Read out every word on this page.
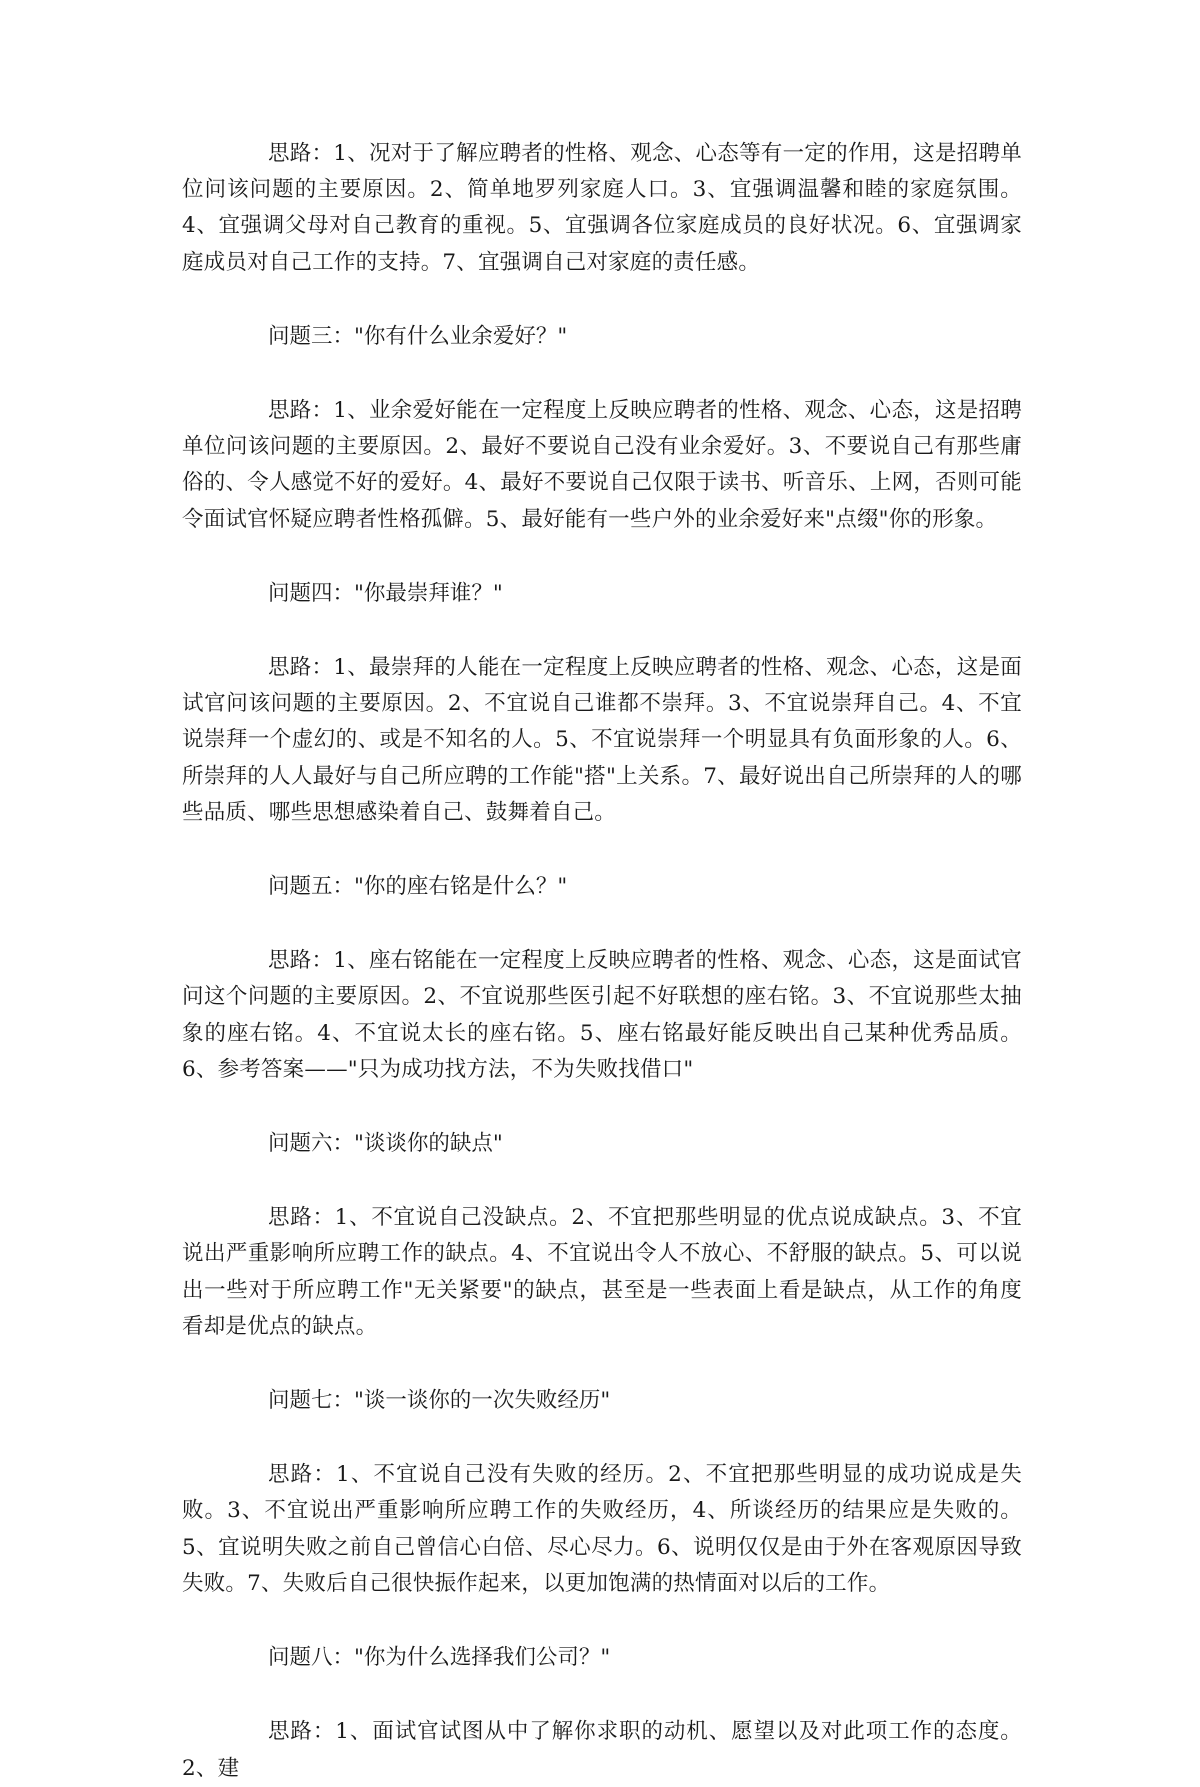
思路：1、况对于了解应聘者的性格、观念、心态等有一定的作用，这是招聘单位问该问题的主要原因。2、简单地罗列家庭人口。3、宜强调温馨和睦的家庭氛围。4、宜强调父母对自己教育的重视。5、宜强调各位家庭成员的良好状况。6、宜强调家庭成员对自己工作的支持。7、宜强调自己对家庭的责任感。

问题三："你有什么业余爱好？"

思路：1、业余爱好能在一定程度上反映应聘者的性格、观念、心态，这是招聘单位问该问题的主要原因。2、最好不要说自己没有业余爱好。3、不要说自己有那些庸俗的、令人感觉不好的爱好。4、最好不要说自己仅限于读书、听音乐、上网，否则可能令面试官怀疑应聘者性格孤僻。5、最好能有一些户外的业余爱好来"点缀"你的形象。

问题四："你最崇拜谁？"

思路：1、最崇拜的人能在一定程度上反映应聘者的性格、观念、心态，这是面试官问该问题的主要原因。2、不宜说自己谁都不崇拜。3、不宜说崇拜自己。4、不宜说崇拜一个虚幻的、或是不知名的人。5、不宜说崇拜一个明显具有负面形象的人。6、所崇拜的人人最好与自己所应聘的工作能"搭"上关系。7、最好说出自己所崇拜的人的哪些品质、哪些思想感染着自己、鼓舞着自己。

问题五："你的座右铭是什么？"

思路：1、座右铭能在一定程度上反映应聘者的性格、观念、心态，这是面试官问这个问题的主要原因。2、不宜说那些医引起不好联想的座右铭。3、不宜说那些太抽象的座右铭。4、不宜说太长的座右铭。5、座右铭最好能反映出自己某种优秀品质。6、参考答案——"只为成功找方法，不为失败找借口"

问题六："谈谈你的缺点"

思路：1、不宜说自己没缺点。2、不宜把那些明显的优点说成缺点。3、不宜说出严重影响所应聘工作的缺点。4、不宜说出令人不放心、不舒服的缺点。5、可以说出一些对于所应聘工作"无关紧要"的缺点，甚至是一些表面上看是缺点，从工作的角度看却是优点的缺点。

问题七："谈一谈你的一次失败经历"

思路：1、不宜说自己没有失败的经历。2、不宜把那些明显的成功说成是失败。3、不宜说出严重影响所应聘工作的失败经历，4、所谈经历的结果应是失败的。5、宜说明失败之前自己曾信心白倍、尽心尽力。6、说明仅仅是由于外在客观原因导致失败。7、失败后自己很快振作起来，以更加饱满的热情面对以后的工作。

问题八："你为什么选择我们公司？"

思路：1、面试官试图从中了解你求职的动机、愿望以及对此项工作的态度。2、建
